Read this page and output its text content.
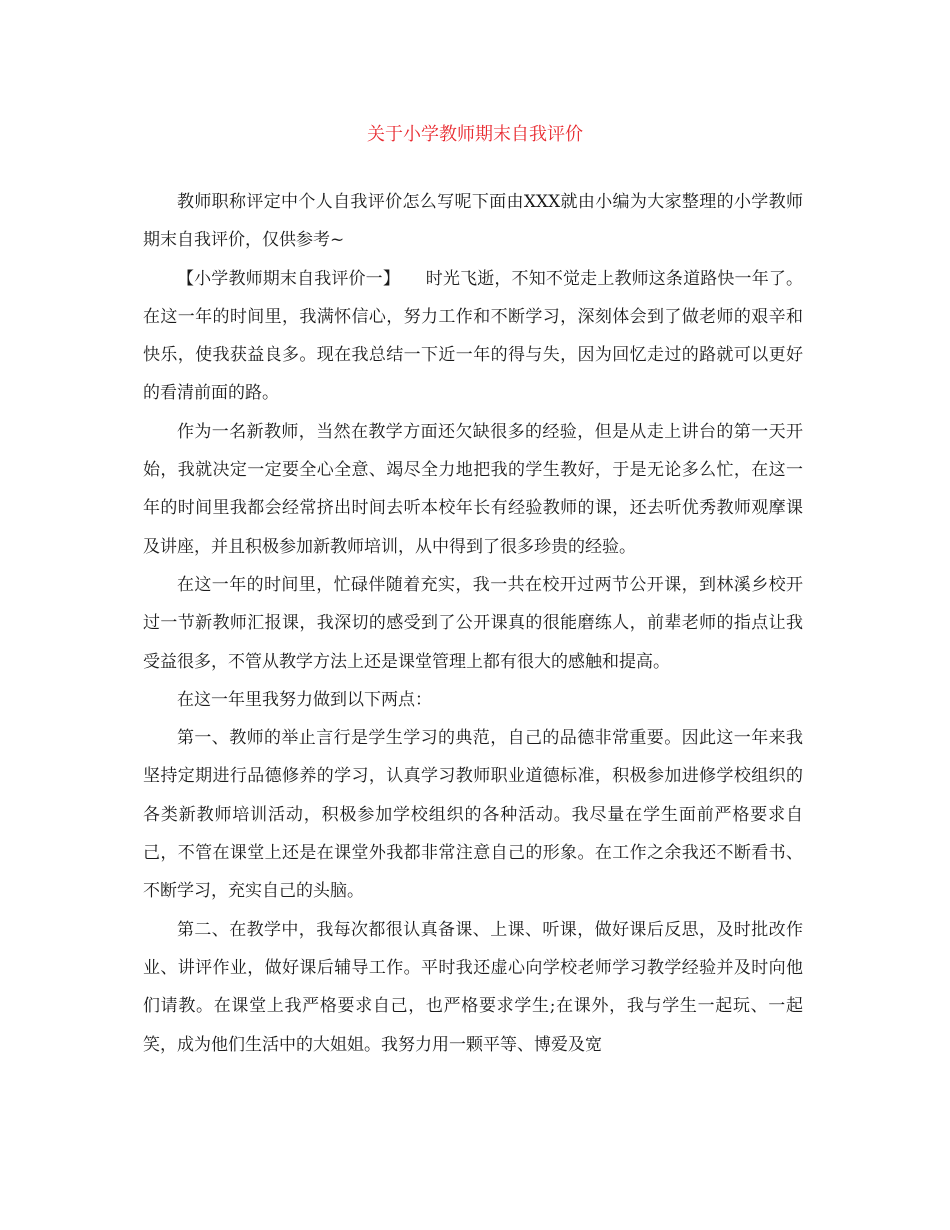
关于小学教师期末自我评价

教师职称评定中个人自我评价怎么写呢下面由XXX就由小编为大家整理的小学教师期末自我评价，仅供参考~

【小学教师期末自我评价一】　　时光飞逝，不知不觉走上教师这条道路快一年了。在这一年的时间里，我满怀信心，努力工作和不断学习，深刻体会到了做老师的艰辛和快乐，使我获益良多。现在我总结一下近一年的得与失，因为回忆走过的路就可以更好的看清前面的路。

作为一名新教师，当然在教学方面还欠缺很多的经验，但是从走上讲台的第一天开始，我就决定一定要全心全意、竭尽全力地把我的学生教好，于是无论多么忙，在这一年的时间里我都会经常挤出时间去听本校年长有经验教师的课，还去听优秀教师观摩课及讲座，并且积极参加新教师培训，从中得到了很多珍贵的经验。

在这一年的时间里，忙碌伴随着充实，我一共在校开过两节公开课，到林溪乡校开过一节新教师汇报课，我深切的感受到了公开课真的很能磨练人，前辈老师的指点让我受益很多，不管从教学方法上还是课堂管理上都有很大的感触和提高。

在这一年里我努力做到以下两点：

第一、教师的举止言行是学生学习的典范，自己的品德非常重要。因此这一年来我坚持定期进行品德修养的学习，认真学习教师职业道德标准，积极参加进修学校组织的各类新教师培训活动，积极参加学校组织的各种活动。我尽量在学生面前严格要求自己，不管在课堂上还是在课堂外我都非常注意自己的形象。在工作之余我还不断看书、不断学习，充实自己的头脑。

第二、在教学中，我每次都很认真备课、上课、听课，做好课后反思，及时批改作业、讲评作业，做好课后辅导工作。平时我还虚心向学校老师学习教学经验并及时向他们请教。在课堂上我严格要求自己，也严格要求学生;在课外，我与学生一起玩、一起笑，成为他们生活中的大姐姐。我努力用一颗平等、博爱及宽
